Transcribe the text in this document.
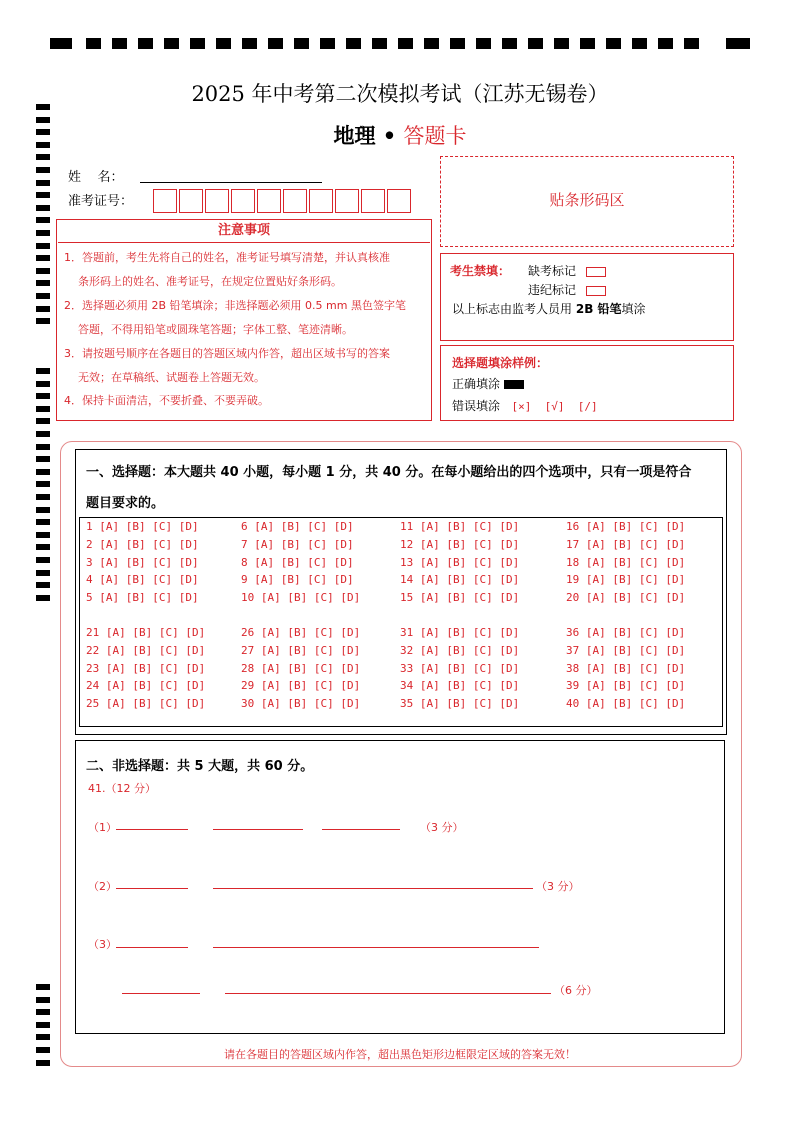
2025 年中考第二次模拟考试（江苏无锡卷）
地理 • 答题卡
姓    名：
准考证号：	贴条形码区
注意事项
1．答题前，考生先将自己的姓名，准考证号填写清楚，并认真核准
条形码上的姓名、准考证号，在规定位置贴好条形码。
2．选择题必须用 2B 铅笔填涂；非选择题必须用 0.5 mm 黑色签字笔
答题，不得用铅笔或圆珠笔答题；字体工整、笔迹清晰。
3．请按题号顺序在各题目的答题区域内作答，超出区域书写的答案
无效；在草稿纸、试题卷上答题无效。
4．保持卡面清洁，不要折叠、不要弄破。
考生禁填： 缺考标记
违纪标记
以上标志由监考人员用 2B 铅笔填涂
选择题填涂样例：
正确填涂
错误填涂 [×]  [√]  [/]
一、选择题：本大题共 40 小题，每小题 1 分，共 40 分。在每小题给出的四个选项中，只有一项是符合
题目要求的。
1 [A] [B] [C] [D]
2 [A] [B] [C] [D]
3 [A] [B] [C] [D]
4 [A] [B] [C] [D]
5 [A] [B] [C] [D]
6 [A] [B] [C] [D]
7 [A] [B] [C] [D]
8 [A] [B] [C] [D]
9 [A] [B] [C] [D]
10 [A] [B] [C] [D]
11 [A] [B] [C] [D]
12 [A] [B] [C] [D]
13 [A] [B] [C] [D]
14 [A] [B] [C] [D]
15 [A] [B] [C] [D]
16 [A] [B] [C] [D]
17 [A] [B] [C] [D]
18 [A] [B] [C] [D]
19 [A] [B] [C] [D]
20 [A] [B] [C] [D]
21 [A] [B] [C] [D]
22 [A] [B] [C] [D]
23 [A] [B] [C] [D]
24 [A] [B] [C] [D]
25 [A] [B] [C] [D]
26 [A] [B] [C] [D]
27 [A] [B] [C] [D]
28 [A] [B] [C] [D]
29 [A] [B] [C] [D]
30 [A] [B] [C] [D]
31 [A] [B] [C] [D]
32 [A] [B] [C] [D]
33 [A] [B] [C] [D]
34 [A] [B] [C] [D]
35 [A] [B] [C] [D]
36 [A] [B] [C] [D]
37 [A] [B] [C] [D]
38 [A] [B] [C] [D]
39 [A] [B] [C] [D]
40 [A] [B] [C] [D]
二、非选择题：共 5 大题，共 60 分。
41.（12 分）
（1）	（3 分）
（2）	（3 分）
（3）
（6 分）
请在各题目的答题区域内作答，超出黑色矩形边框限定区域的答案无效！
